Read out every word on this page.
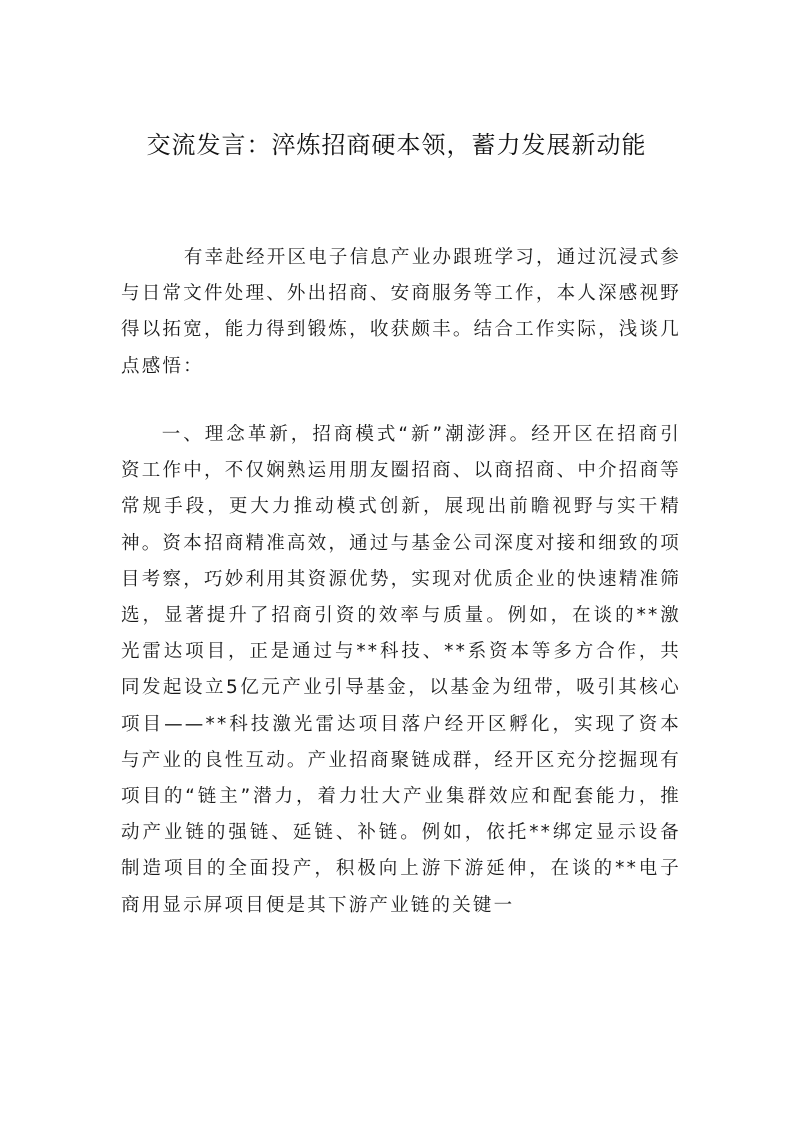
交流发言：淬炼招商硬本领，蓄力发展新动能

有幸赴经开区电子信息产业办跟班学习，通过沉浸式参与日常文件处理、外出招商、安商服务等工作，本人深感视野得以拓宽，能力得到锻炼，收获颇丰。结合工作实际，浅谈几点感悟：

一、理念革新，招商模式“新”潮澎湃。经开区在招商引资工作中，不仅娴熟运用朋友圈招商、以商招商、中介招商等常规手段，更大力推动模式创新，展现出前瞻视野与实干精神。资本招商精准高效，通过与基金公司深度对接和细致的项目考察，巧妙利用其资源优势，实现对优质企业的快速精准筛选，显著提升了招商引资的效率与质量。例如，在谈的**激光雷达项目，正是通过与**科技、**系资本等多方合作，共同发起设立5亿元产业引导基金，以基金为纽带，吸引其核心项目——**科技激光雷达项目落户经开区孵化，实现了资本与产业的良性互动。产业招商聚链成群，经开区充分挖掘现有项目的“链主”潜力，着力壮大产业集群效应和配套能力，推动产业链的强链、延链、补链。例如，依托**绑定显示设备制造项目的全面投产，积极向上游下游延伸，在谈的**电子商用显示屏项目便是其下游产业链的关键一
